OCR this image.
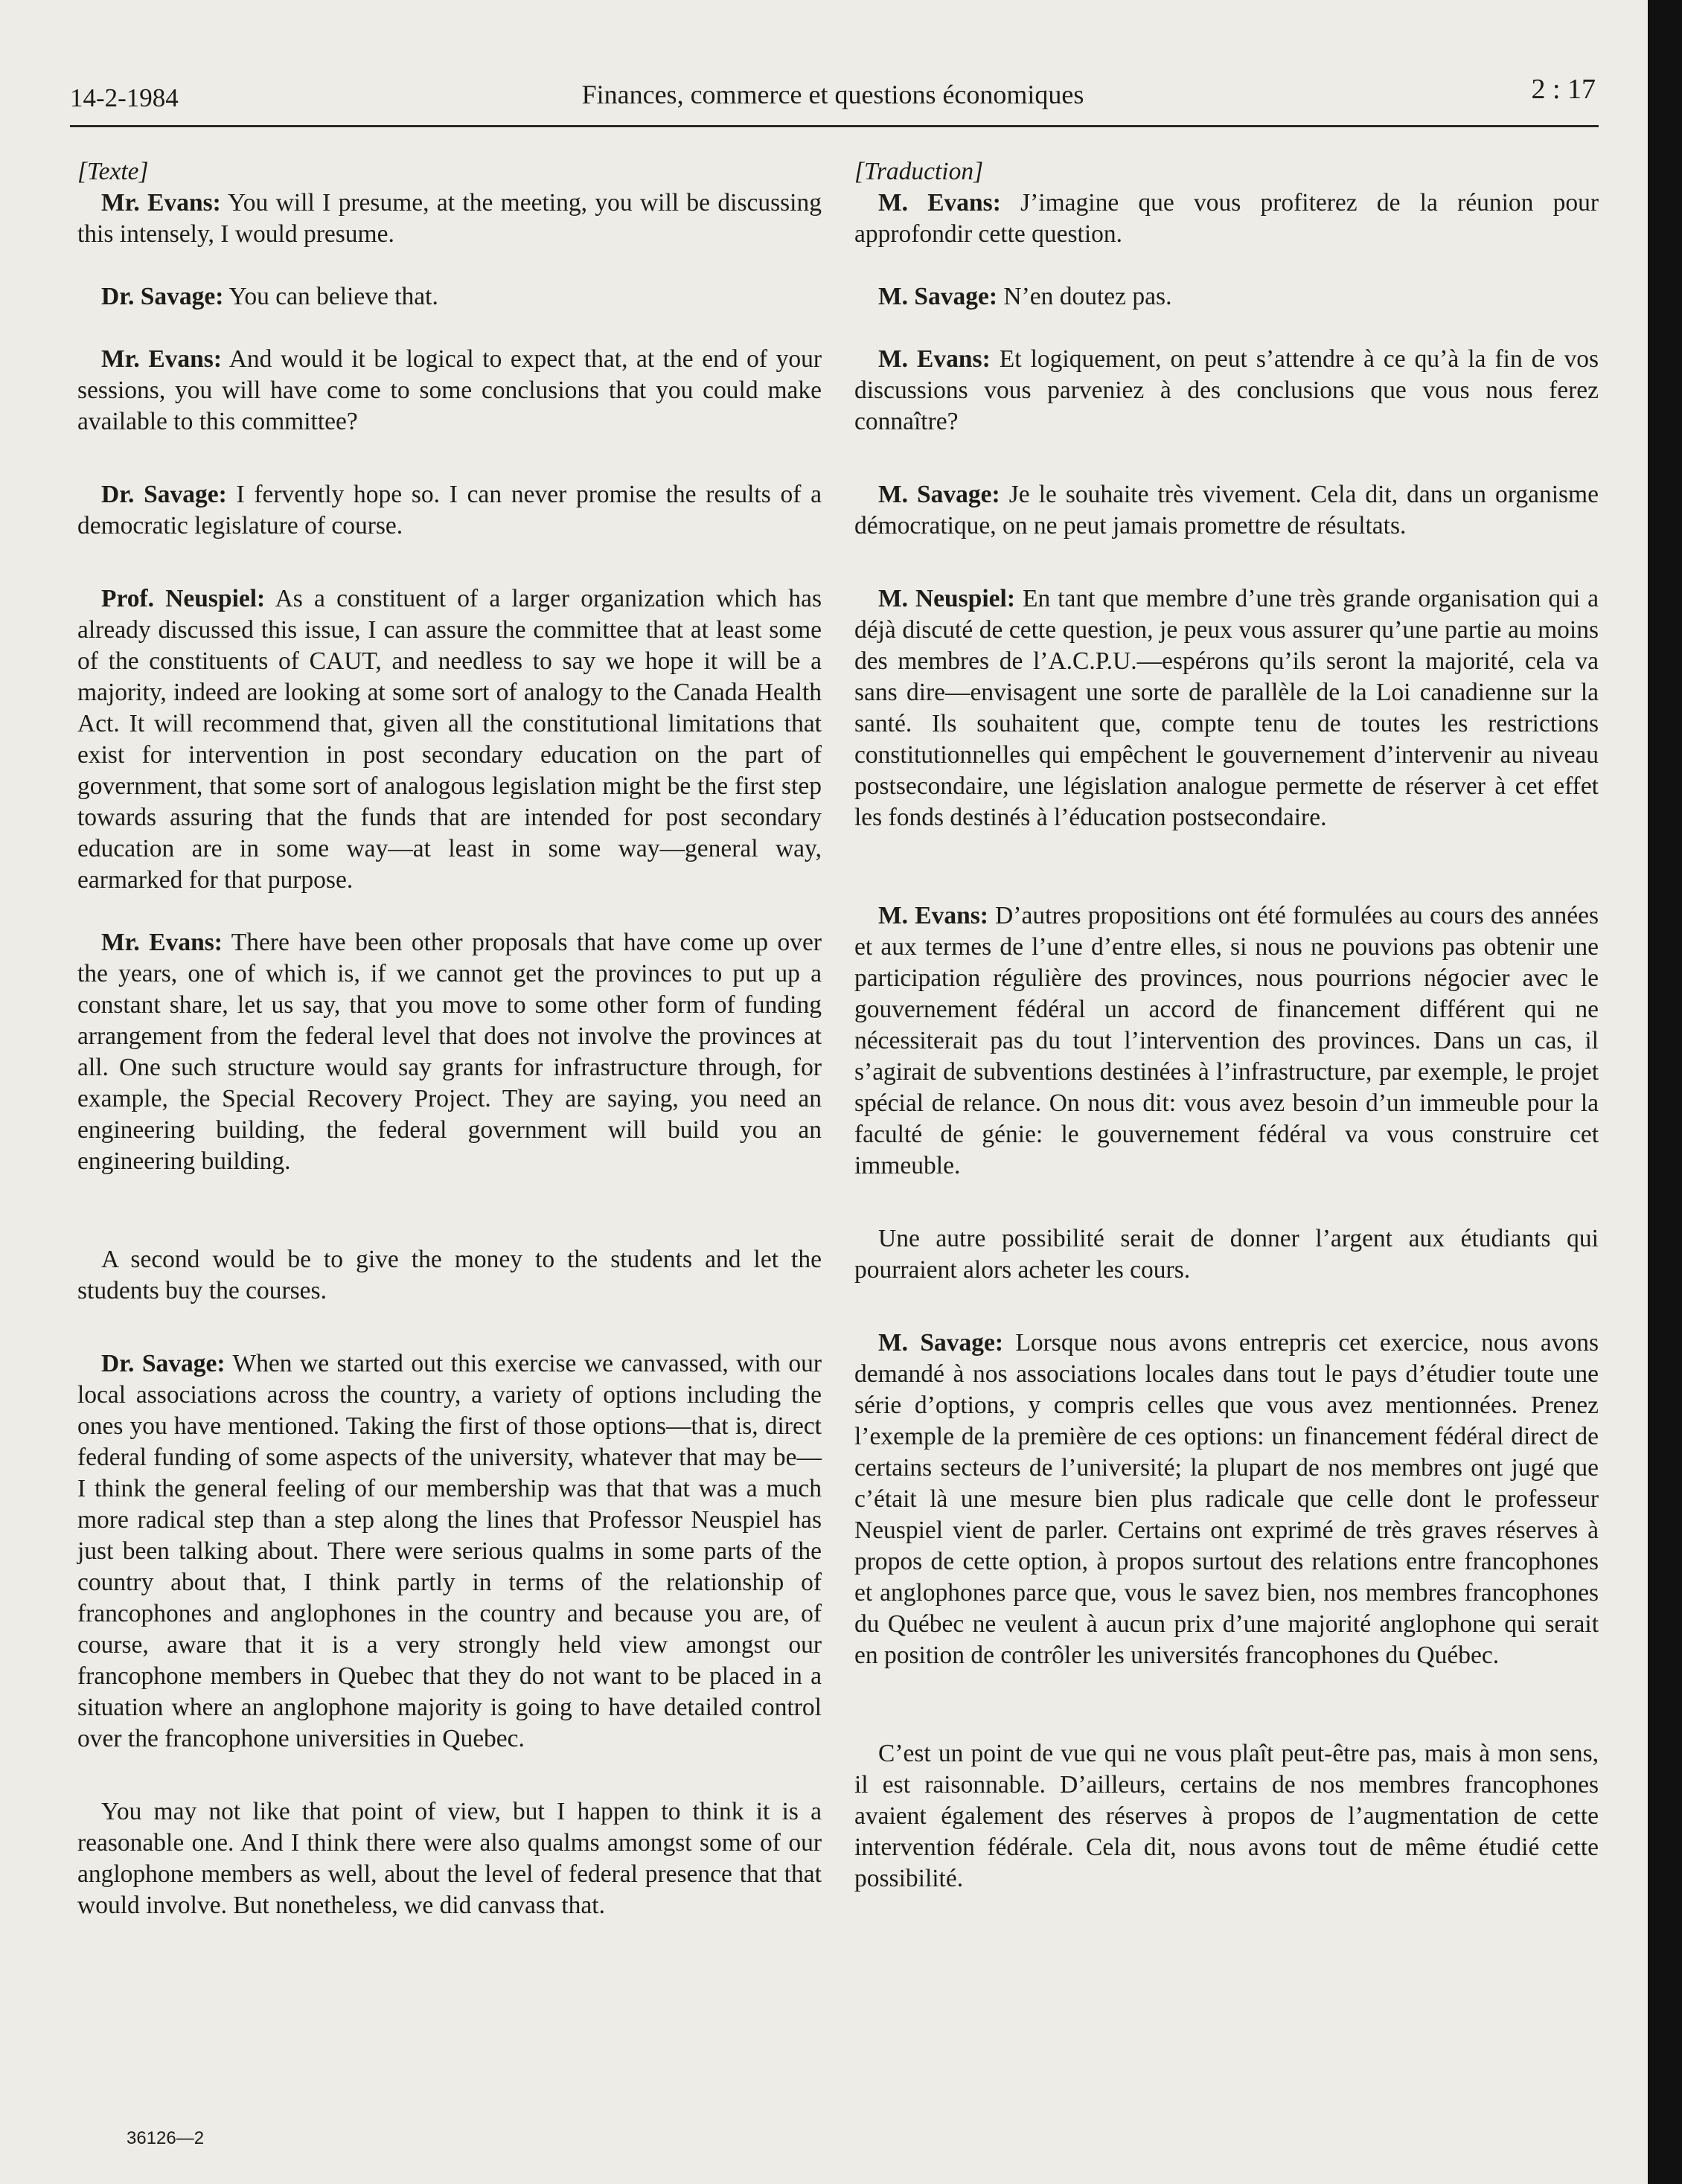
14-2-1984	Finances, commerce et questions économiques	2 : 17

[Texte]

Mr. Evans: You will I presume, at the meeting, you will be discussing this intensely, I would presume.

Dr. Savage: You can believe that.

Mr. Evans: And would it be logical to expect that, at the end of your sessions, you will have come to some conclusions that you could make available to this committee?

Dr. Savage: I fervently hope so. I can never promise the results of a democratic legislature of course.

Prof. Neuspiel: As a constituent of a larger organization which has already discussed this issue, I can assure the committee that at least some of the constituents of CAUT, and needless to say we hope it will be a majority, indeed are looking at some sort of analogy to the Canada Health Act. It will recommend that, given all the constitutional limitations that exist for intervention in post secondary education on the part of government, that some sort of analogous legislation might be the first step towards assuring that the funds that are intended for post secondary education are in some way—at least in some way—general way, earmarked for that purpose.

Mr. Evans: There have been other proposals that have come up over the years, one of which is, if we cannot get the provinces to put up a constant share, let us say, that you move to some other form of funding arrangement from the federal level that does not involve the provinces at all. One such structure would say grants for infrastructure through, for example, the Special Recovery Project. They are saying, you need an engineering building, the federal government will build you an engineering building.

A second would be to give the money to the students and let the students buy the courses.

Dr. Savage: When we started out this exercise we canvassed, with our local associations across the country, a variety of options including the ones you have mentioned. Taking the first of those options—that is, direct federal funding of some aspects of the university, whatever that may be—I think the general feeling of our membership was that that was a much more radical step than a step along the lines that Professor Neuspiel has just been talking about. There were serious qualms in some parts of the country about that, I think partly in terms of the relationship of francophones and anglophones in the country and because you are, of course, aware that it is a very strongly held view amongst our francophone members in Quebec that they do not want to be placed in a situation where an anglophone majority is going to have detailed control over the francophone universities in Quebec.

You may not like that point of view, but I happen to think it is a reasonable one. And I think there were also qualms amongst some of our anglophone members as well, about the level of federal presence that that would involve. But nonetheless, we did canvass that.

[Traduction]

M. Evans: J’imagine que vous profiterez de la réunion pour approfondir cette question.

M. Savage: N’en doutez pas.

M. Evans: Et logiquement, on peut s’attendre à ce qu’à la fin de vos discussions vous parveniez à des conclusions que vous nous ferez connaître?

M. Savage: Je le souhaite très vivement. Cela dit, dans un organisme démocratique, on ne peut jamais promettre de résultats.

M. Neuspiel: En tant que membre d’une très grande organisation qui a déjà discuté de cette question, je peux vous assurer qu’une partie au moins des membres de l’A.C.P.U.—espérons qu’ils seront la majorité, cela va sans dire—envisagent une sorte de parallèle de la Loi canadienne sur la santé. Ils souhaitent que, compte tenu de toutes les restrictions constitutionnelles qui empêchent le gouvernement d’intervenir au niveau postsecondaire, une législation analogue permette de réserver à cet effet les fonds destinés à l’éducation postsecondaire.

M. Evans: D’autres propositions ont été formulées au cours des années et aux termes de l’une d’entre elles, si nous ne pouvions pas obtenir une participation régulière des provinces, nous pourrions négocier avec le gouvernement fédéral un accord de financement différent qui ne nécessiterait pas du tout l’intervention des provinces. Dans un cas, il s’agirait de subventions destinées à l’infrastructure, par exemple, le projet spécial de relance. On nous dit: vous avez besoin d’un immeuble pour la faculté de génie: le gouvernement fédéral va vous construire cet immeuble.

Une autre possibilité serait de donner l’argent aux étudiants qui pourraient alors acheter les cours.

M. Savage: Lorsque nous avons entrepris cet exercice, nous avons demandé à nos associations locales dans tout le pays d’étudier toute une série d’options, y compris celles que vous avez mentionnées. Prenez l’exemple de la première de ces options: un financement fédéral direct de certains secteurs de l’université; la plupart de nos membres ont jugé que c’était là une mesure bien plus radicale que celle dont le professeur Neuspiel vient de parler. Certains ont exprimé de très graves réserves à propos de cette option, à propos surtout des relations entre francophones et anglophones parce que, vous le savez bien, nos membres francophones du Québec ne veulent à aucun prix d’une majorité anglophone qui serait en position de contrôler les universités francophones du Québec.

C’est un point de vue qui ne vous plaît peut-être pas, mais à mon sens, il est raisonnable. D’ailleurs, certains de nos membres francophones avaient également des réserves à propos de l’augmentation de cette intervention fédérale. Cela dit, nous avons tout de même étudié cette possibilité.

36126—2
